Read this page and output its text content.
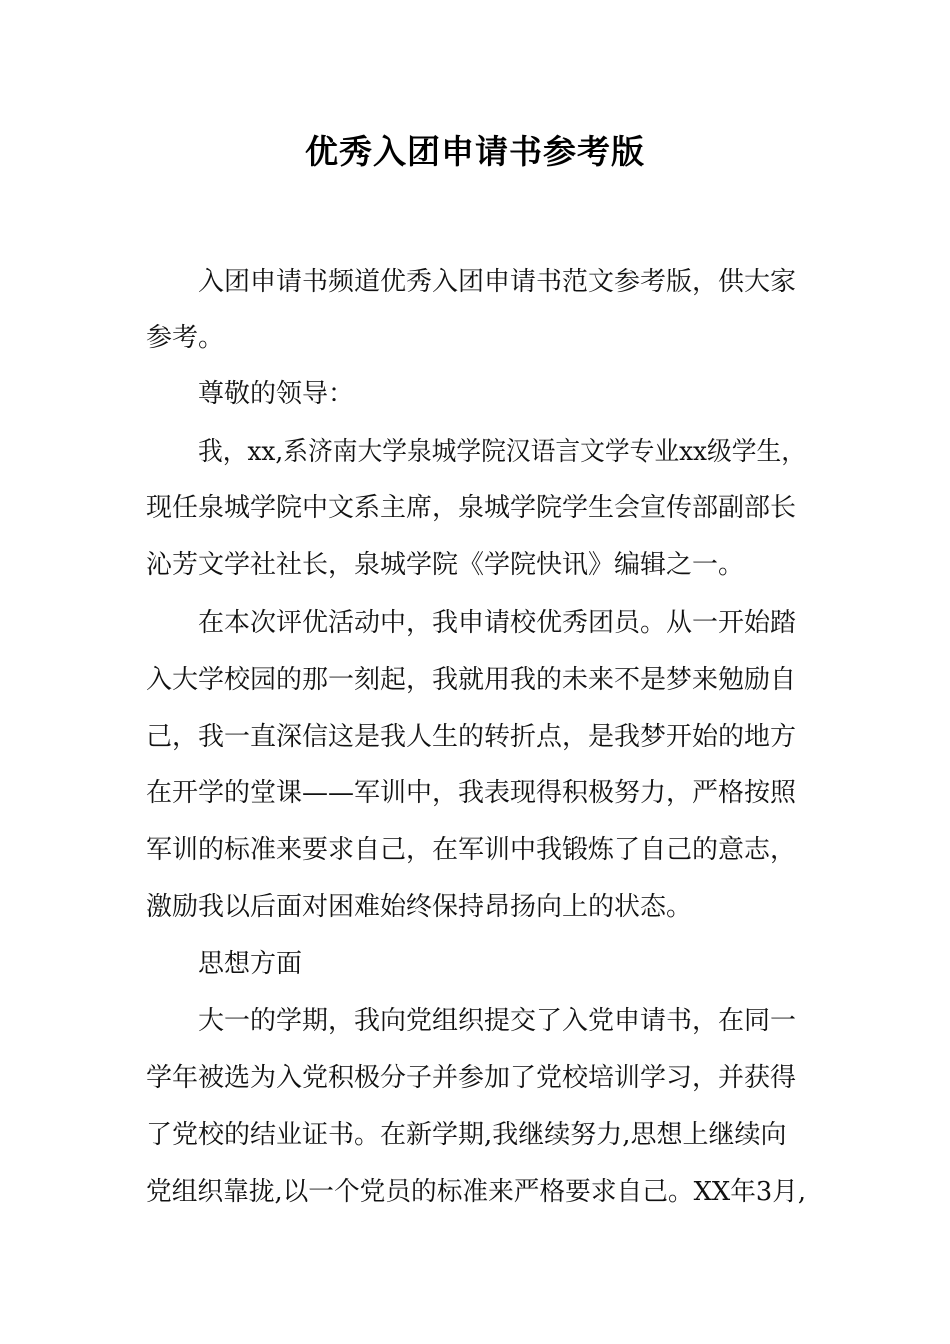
优秀入团申请书参考版
入团申请书频道优秀入团申请书范文参考版，供大家
参考。
尊敬的领导：
我，xx,系济南大学泉城学院汉语言文学专业xx级学生，
现任泉城学院中文系主席，泉城学院学生会宣传部副部长
沁芳文学社社长，泉城学院《学院快讯》编辑之一。
在本次评优活动中，我申请校优秀团员。从一开始踏
入大学校园的那一刻起，我就用我的未来不是梦来勉励自
己，我一直深信这是我人生的转折点，是我梦开始的地方
在开学的堂课——军训中，我表现得积极努力，严格按照
军训的标准来要求自己，在军训中我锻炼了自己的意志，
激励我以后面对困难始终保持昂扬向上的状态。
思想方面
大一的学期，我向党组织提交了入党申请书，在同一
学年被选为入党积极分子并参加了党校培训学习，并获得
了党校的结业证书。在新学期,我继续努力,思想上继续向
党组织靠拢,以一个党员的标准来严格要求自己。XX年3月,
